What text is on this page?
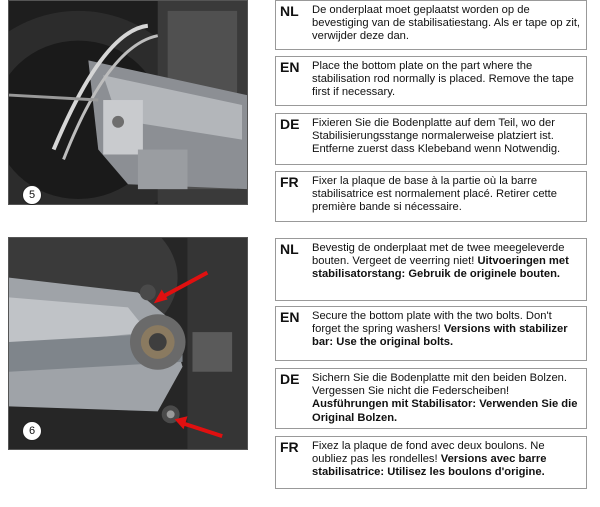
5
6
NL	De onderplaat moet geplaatst worden op de bevestiging van de stabilisatiestang. Als er tape op zit, verwijder deze dan.
EN	Place the bottom plate on the part where the stabilisation rod normally is placed. Remove the tape first if necessary.
DE	Fixieren Sie die Bodenplatte auf dem Teil, wo der Stabilisierungsstange normalerweise platziert ist. Entferne zuerst dass Klebeband wenn Notwendig.
FR	Fixer la plaque de base à la partie où la barre stabilisatrice est normalement placé. Retirer cette première bande si nécessaire.
NL	Bevestig de onderplaat met de twee meegeleverde bouten. Vergeet de veerring niet! Uitvoeringen met stabilisatorstang: Gebruik de originele bouten.
EN	Secure the bottom plate with the two bolts. Don't forget the spring washers! Versions with stabilizer bar: Use the original bolts.
DE	Sichern Sie die Bodenplatte mit den beiden Bolzen. Vergessen Sie nicht die Federscheiben! Ausführungen mit Stabilisator: Verwenden Sie die Original Bolzen.
FR	Fixez la plaque de fond avec deux boulons. Ne oubliez pas les rondelles! Versions avec barre stabilisatrice: Utilisez les boulons d'origine.
